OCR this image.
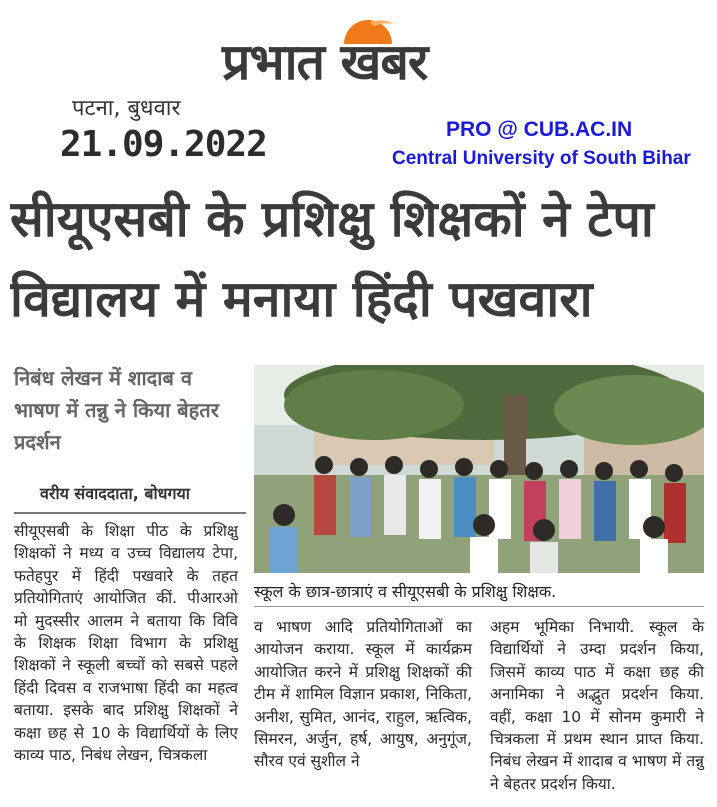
प्रभात खबर
पटना, बुधवार
21.09.2022	PRO @ CUB.AC.IN
Central University of South Bihar
सीयूएसबी के प्रशिक्षु शिक्षकों ने टेपा
विद्यालय में मनाया हिंदी पखवारा
निबंध लेखन में शादाब व भाषण में तन्नु ने किया बेहतर प्रदर्शन
वरीय संवाददाता, बोधगया
स्कूल के छात्र-छात्राएं व सीयूएसबी के प्रशिक्षु शिक्षक.

सीयूएसबी के शिक्षा पीठ के प्रशिक्षु शिक्षकों ने मध्य व उच्च विद्यालय टेपा, फतेहपुर में हिंदी पखवारे के तहत प्रतियोगिताएं आयोजित कीं. पीआरओ मो मुदस्सीर आलम ने बताया कि विवि के शिक्षक शिक्षा विभाग के प्रशिक्षु शिक्षकों ने स्कूली बच्चों को सबसे पहले हिंदी दिवस व राजभाषा हिंदी का महत्व बताया. इसके बाद प्रशिक्षु शिक्षकों ने कक्षा छह से 10 के विद्यार्थियों के लिए काव्य पाठ, निबंध लेखन, चित्रकला

व भाषण आदि प्रतियोगिताओं का आयोजन कराया. स्कूल में कार्यक्रम आयोजित करने में प्रशिक्षु शिक्षकों की टीम में शामिल विज्ञान प्रकाश, निकिता, अनीश, सुमित, आनंद, राहुल, ऋत्विक, सिमरन, अर्जुन, हर्ष, आयुष, अनुगूंज, सौरव एवं सुशील ने

अहम भूमिका निभायी. स्कूल के विद्यार्थियों ने उम्दा प्रदर्शन किया, जिसमें काव्य पाठ में कक्षा छह की अनामिका ने अद्भुत प्रदर्शन किया. वहीं, कक्षा 10 में सोनम कुमारी ने चित्रकला में प्रथम स्थान प्राप्त किया. निबंध लेखन में शादाब व भाषण में तन्नु ने बेहतर प्रदर्शन किया.
